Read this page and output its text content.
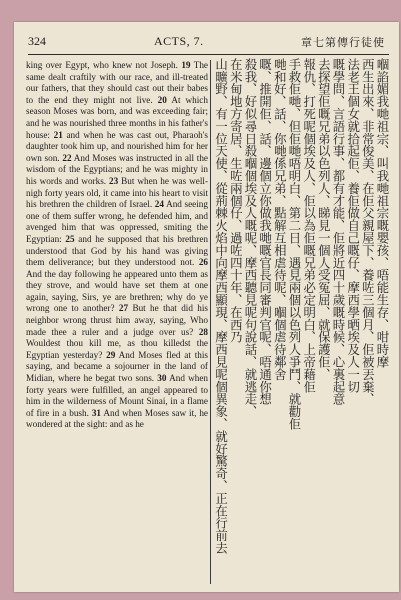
324	ACTS, 7.	章七第傳行徒使

king over Egypt, who knew not Joseph. 19 The same dealt craftily with our race, and ill-treated our fathers, that they should cast out their babes to the end they might not live. 20 At which season Moses was born, and was exceeding fair; and he was nourished three months in his father's house: 21 and when he was cast out, Pharaoh's daughter took him up, and nourished him for her own son. 22 And Moses was instructed in all the wisdom of the Egyptians; and he was mighty in his words and works. 23 But when he was well-nigh forty years old, it came into his heart to visit his brethren the children of Israel. 24 And seeing one of them suffer wrong, he defended him, and avenged him that was oppressed, smiting the Egyptian: 25 and he supposed that his brethren understood that God by his hand was giving them deliverance; but they understood not. 26 And the day following he appeared unto them as they strove, and would have set them at one again, saying, Sirs, ye are brethren; why do ye wrong one to another? 27 But he that did his neighbor wrong thrust him away, saying, Who made thee a ruler and a judge over us? 28 Wouldest thou kill me, as thou killedst the Egyptian yesterday? 29 And Moses fled at this saying, and became a sojourner in the land of Midian, where he begat two sons. 30 And when forty years were fulfilled, an angel appeared to him in the wilderness of Mount Sinai, in a flame of fire in a bush. 31 And when Moses saw it, he wondered at the sight: and as he

嗰諂媚我哋祖宗、叫我哋祖宗嘅嬰孩、唔能生存、咁時摩
西生出來、非常俊美、在佢父親屋下、養咗三個月、佢被丟棄、
法老王個女就拾起佢、養佢做自己嘅仔、摩西學晒埃及人一切
嘅學問、言語行事、都有才能、佢將近四十歲嘅時候、心裏起意
去探望佢嘅兄弟以色列人、睇見一個人受冤屈、就保護佢、
報仇、打死呢個埃及人、佢以為佢嘅兄弟必定明白、上帝藉佢
手救佢哋、但佢哋唔明白、第二日、遇見兩個以色列人爭鬥、就勸佢
哋和好、話、你哋係兄弟、點解互相虐待呢、嗰個虐待鄰舍
嘅、推開佢、話、邊個立你做我哋嘅官長同審判官呢、唔通你想
殺我、好似尋日殺嗰個埃及人嘅呢、摩西聽見呢句說話、就逃走、
在米甸地方寄居、生咗兩個仔、過咗四十年、在西乃
山曠野、有一位天使、從荊棘火焰中向摩西顯現、摩西見呢個異象、就好驚奇、正在行前去
